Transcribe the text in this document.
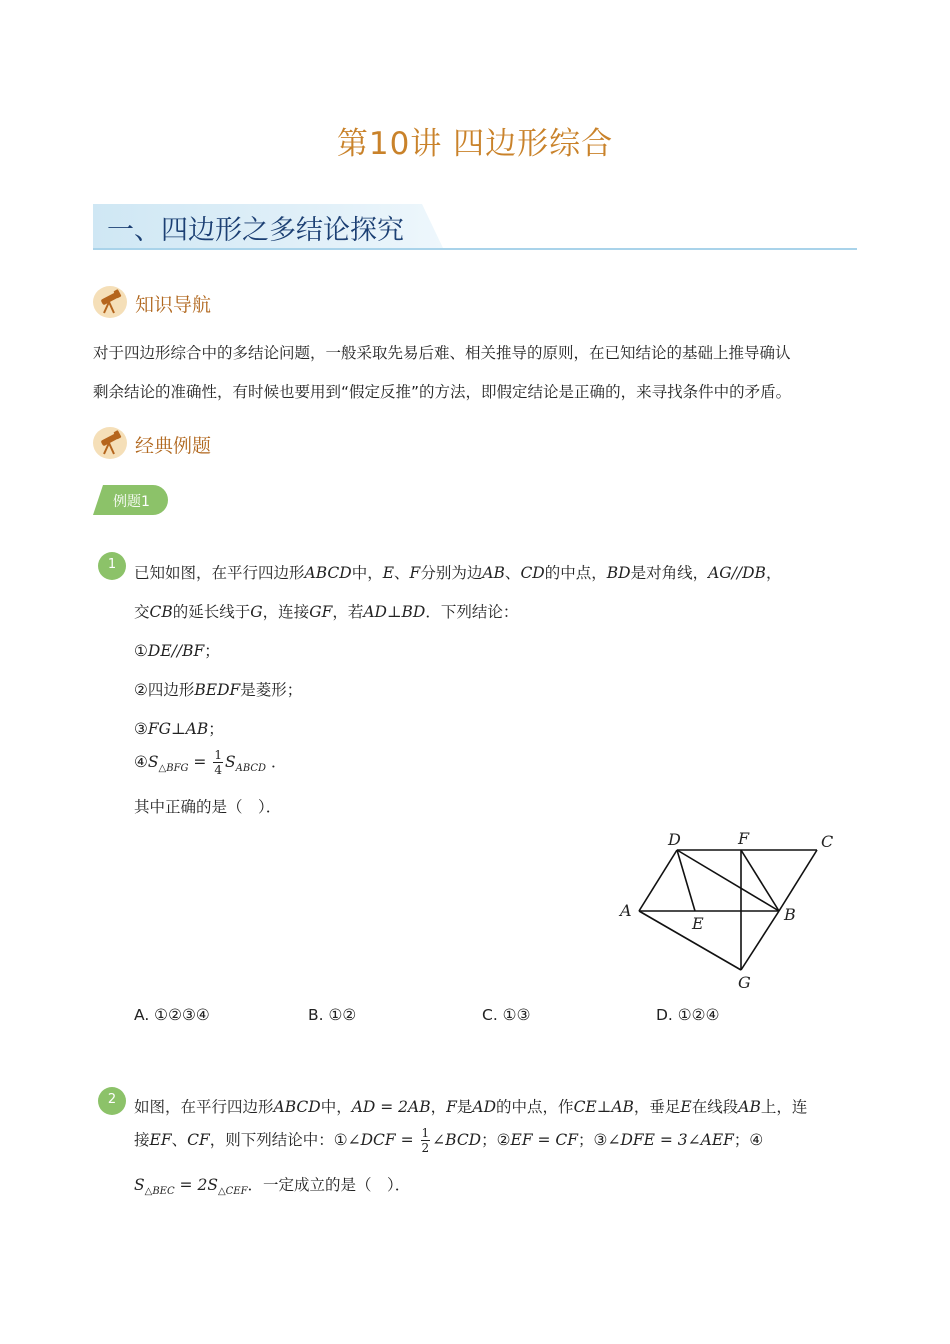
第10讲 四边形综合
一、四边形之多结论探究
知识导航
对于四边形综合中的多结论问题，一般采取先易后难、相关推导的原则，在已知结论的基础上推导确认
剩余结论的准确性，有时候也要用到“假定反推”的方法，即假定结论是正确的，来寻找条件中的矛盾。
经典例题
例题1
1	已知如图，在平行四边形ABCD中，E、F分别为边AB、CD的中点，BD是对角线，AG//DB，
交CB的延长线于G，连接GF，若AD⊥BD．下列结论：
①DE//BF；
②四边形BEDF是菱形；
③FG⊥AB；
$④S_{\triangle BFG} = \frac{1}{4} S_{ABCD}$ ．
其中正确的是（　）．
D	F	C
A
E	B
G
A. ①②③④	B. ①②	C. ①③	D. ①②④
2	如图，在平行四边形ABCD中，AD = 2AB，F是AD的中点，作CE⊥AB，垂足E在线段AB上，连
接EF、CF，则下列结论中：①∠DCF = $\frac{1}{2}$ ∠BCD；②EF = CF；③∠DFE = 3∠AEF；④
$S_{\triangle BEC} = 2S_{\triangle CEF}$．一定成立的是（　）．
